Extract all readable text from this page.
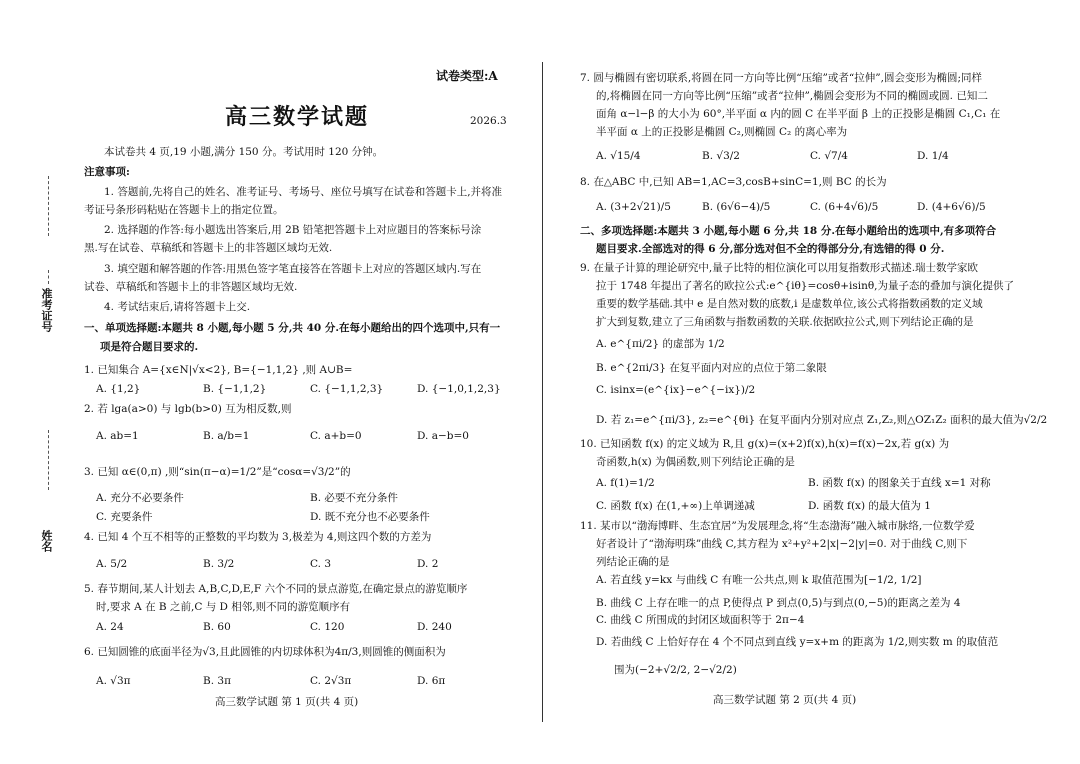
准考证号
姓名
试卷类型:A
高三数学试题	2026.3
本试卷共 4 页,19 小题,满分 150 分。考试用时 120 分钟。
注意事项:
1. 答题前,先将自己的姓名、准考证号、考场号、座位号填写在试卷和答题卡上,并将准
考证号条形码粘贴在答题卡上的指定位置。
2. 选择题的作答:每小题选出答案后,用 2B 铅笔把答题卡上对应题目的答案标号涂
黑.写在试卷、草稿纸和答题卡上的非答题区域均无效.
3. 填空题和解答题的作答:用黑色签字笔直接答在答题卡上对应的答题区域内.写在
试卷、草稿纸和答题卡上的非答题区域均无效.
4. 考试结束后,请将答题卡上交.
一、单项选择题:本题共 8 小题,每小题 5 分,共 40 分.在每小题给出的四个选项中,只有一
项是符合题目要求的.
1. 已知集合 A={x∈N|√x<2}, B={−1,1,2} ,则 A∪B=
A. {1,2}	B. {−1,1,2}	C. {−1,1,2,3}	D. {−1,0,1,2,3}
2. 若 lga(a>0) 与 lgb(b>0) 互为相反数,则
A. ab=1	B. a/b=1	C. a+b=0	D. a−b=0
3. 已知 α∈(0,π) ,则“sin(π−α)=1/2”是“cosα=√3/2”的
A. 充分不必要条件	B. 必要不充分条件
C. 充要条件	D. 既不充分也不必要条件
4. 已知 4 个互不相等的正整数的平均数为 3,极差为 4,则这四个数的方差为
A. 5/2	B. 3/2	C. 3	D. 2
5. 春节期间,某人计划去 A,B,C,D,E,F 六个不同的景点游览,在确定景点的游览顺序
时,要求 A 在 B 之前,C 与 D 相邻,则不同的游览顺序有
A. 24	B. 60	C. 120	D. 240
6. 已知圆锥的底面半径为√3,且此圆锥的内切球体积为4π/3,则圆锥的侧面积为
A. √3π	B. 3π	C. 2√3π	D. 6π
高三数学试题 第 1 页(共 4 页)
7. 圆与椭圆有密切联系,将圆在同一方向等比例“压缩”或者“拉伸”,圆会变形为椭圆;同样
的,将椭圆在同一方向等比例“压缩”或者“拉伸”,椭圆会变形为不同的椭圆或圆. 已知二
面角 α−l−β 的大小为 60°,半平面 α 内的圆 C 在半平面 β 上的正投影是椭圆 C₁,C₁ 在
半平面 α 上的正投影是椭圆 C₂,则椭圆 C₂ 的离心率为
A. √15/4	B. √3/2	C. √7/4	D. 1/4
8. 在△ABC 中,已知 AB=1,AC=3,cosB+sinC=1,则 BC 的长为
A. (3+2√21)/5	B. (6√6−4)/5	C. (6+4√6)/5	D. (4+6√6)/5
二、多项选择题:本题共 3 小题,每小题 6 分,共 18 分.在每小题给出的选项中,有多项符合
题目要求.全部选对的得 6 分,部分选对但不全的得部分分,有选错的得 0 分.
9. 在量子计算的理论研究中,量子比特的相位演化可以用复指数形式描述.瑞士数学家欧
拉于 1748 年提出了著名的欧拉公式:e^{iθ}=cosθ+isinθ,为量子态的叠加与演化提供了
重要的数学基础.其中 e 是自然对数的底数,i 是虚数单位,该公式将指数函数的定义域
扩大到复数,建立了三角函数与指数函数的关联.依据欧拉公式,则下列结论正确的是
A. e^{πi/2} 的虚部为 1/2
B. e^{2πi/3} 在复平面内对应的点位于第二象限
C. isinx=(e^{ix}−e^{−ix})/2
D. 若 z₁=e^{πi/3}, z₂=e^{θi} 在复平面内分别对应点 Z₁,Z₂,则△OZ₁Z₂ 面积的最大值为√2/2
10. 已知函数 f(x) 的定义域为 R,且 g(x)=(x+2)f(x),h(x)=f(x)−2x,若 g(x) 为
奇函数,h(x) 为偶函数,则下列结论正确的是
A. f(1)=1/2	B. 函数 f(x) 的图象关于直线 x=1 对称
C. 函数 f(x) 在(1,+∞)上单调递减	D. 函数 f(x) 的最大值为 1
11. 某市以“渤海博畔、生态宜居”为发展理念,将“生态渤海”融入城市脉络,一位数学爱
好者设计了“渤海明珠”曲线 C,其方程为 x²+y²+2|x|−2|y|=0. 对于曲线 C,则下
列结论正确的是
A. 若直线 y=kx 与曲线 C 有唯一公共点,则 k 取值范围为[−1/2, 1/2]
B. 曲线 C 上存在唯一的点 P,使得点 P 到点(0,5)与到点(0,−5)的距离之差为 4
C. 曲线 C 所围成的封闭区域面积等于 2π−4
D. 若曲线 C 上恰好存在 4 个不同点到直线 y=x+m 的距离为 1/2,则实数 m 的取值范
围为(−2+√2/2, 2−√2/2)
高三数学试题 第 2 页(共 4 页)
